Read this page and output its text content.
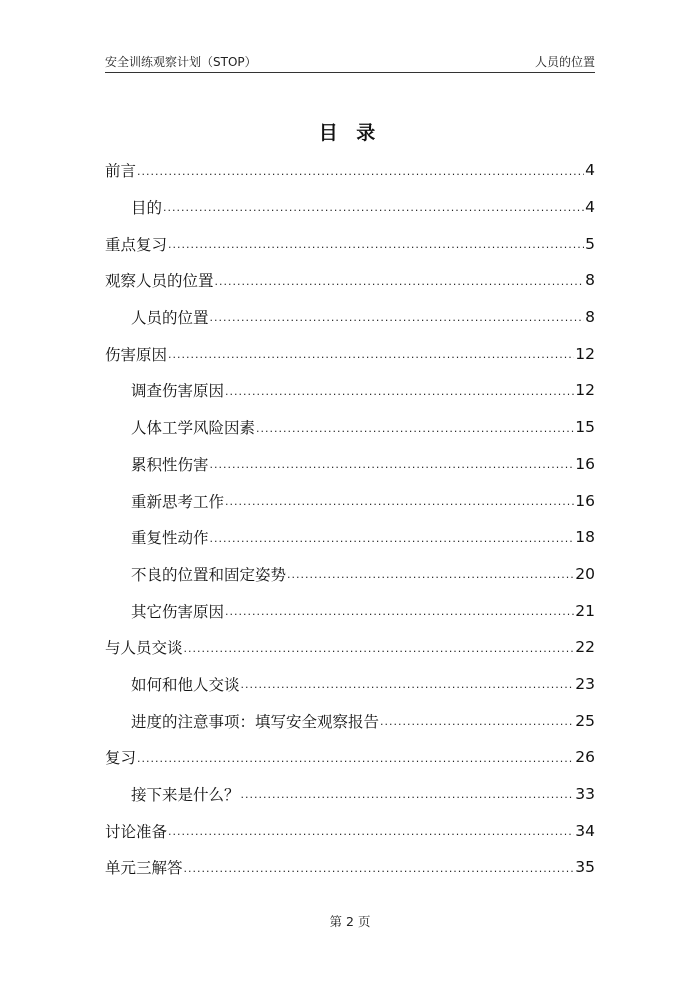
安全训练观察计划（STOP）	人员的位置
目 录
前言 .....	4
目的 .....	4
重点复习 .....	5
观察人员的位置 .....	8
人员的位置 .....	8
伤害原因 .....	12
调查伤害原因 .....	12
人体工学风险因素 .....	15
累积性伤害 .....	16
重新思考工作 .....	16
重复性动作 .....	18
不良的位置和固定姿势 .....	20
其它伤害原因 .....	21
与人员交谈 .....	22
如何和他人交谈 .....	23
进度的注意事项：填写安全观察报告 .....	25
复习 .....	26
接下来是什么？ .....	33
讨论准备 .....	34
单元三解答 .....	35
第 2 页
